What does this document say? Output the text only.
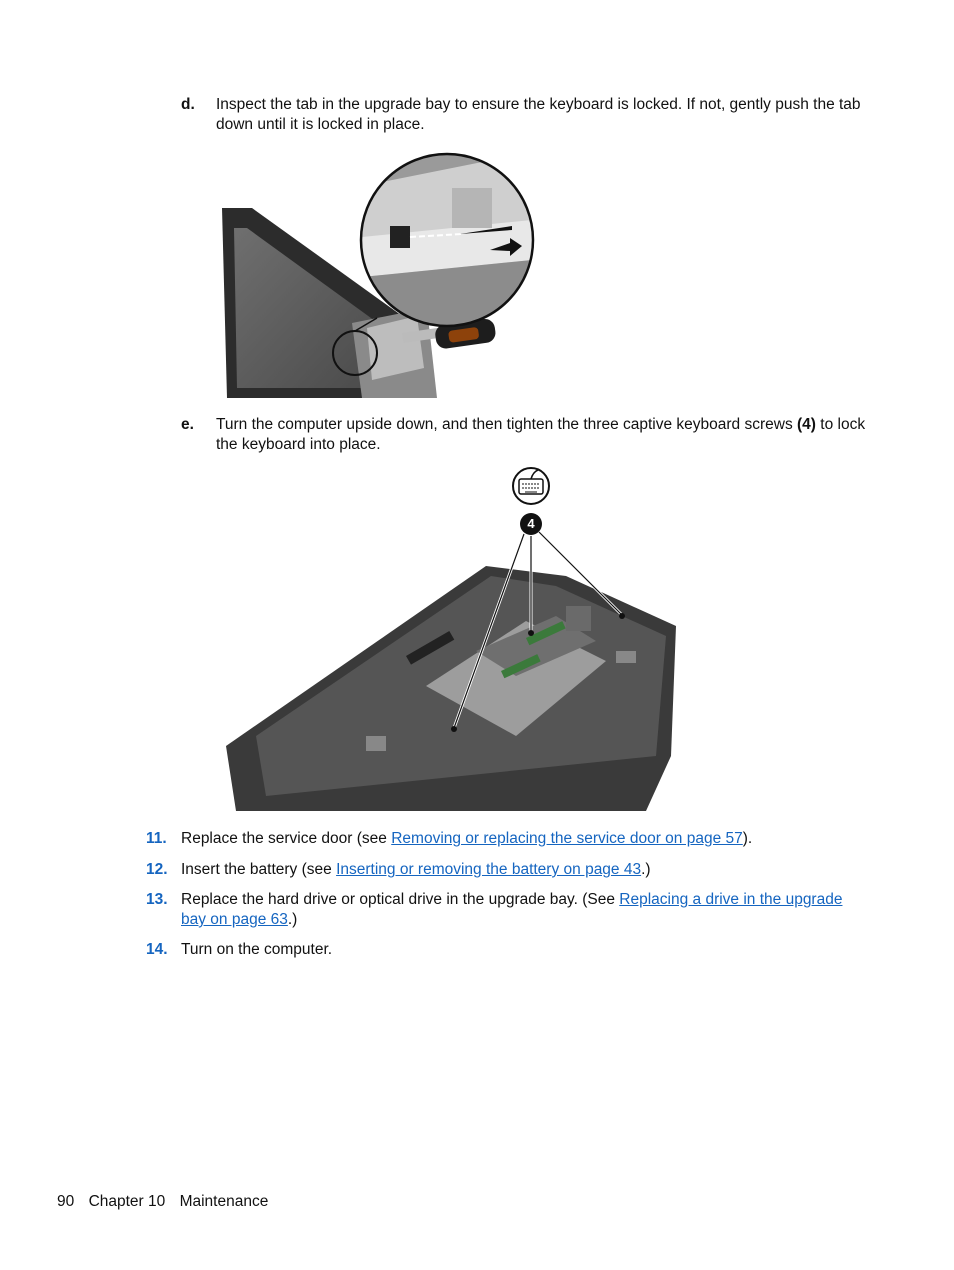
d. Inspect the tab in the upgrade bay to ensure the keyboard is locked. If not, gently push the tab down until it is locked in place.
e. Turn the computer upside down, and then tighten the three captive keyboard screws (4) to lock the keyboard into place.
4
11. Replace the service door (see Removing or replacing the service door on page 57).
12. Insert the battery (see Inserting or removing the battery on page 43.)
13. Replace the hard drive or optical drive in the upgrade bay. (See Replacing a drive in the upgrade bay on page 63.)
14. Turn on the computer.
90 Chapter 10 Maintenance
